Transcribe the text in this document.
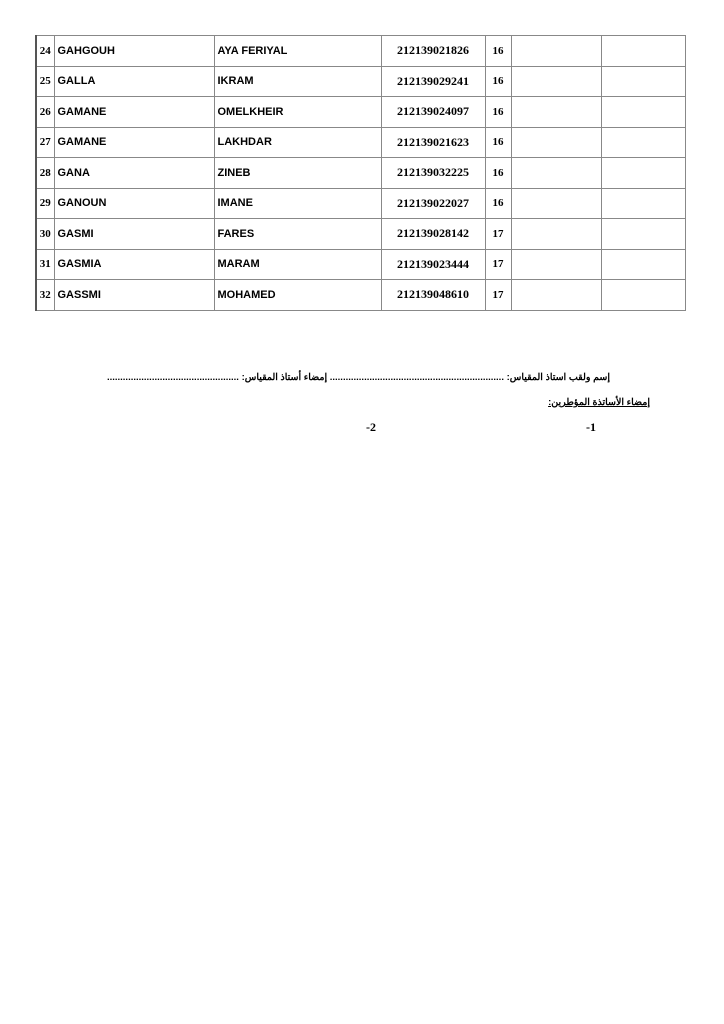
24	GAHGOUH	AYA FERIYAL	212139021826	16		
25	GALLA	IKRAM	212139029241	16		
26	GAMANE	OMELKHEIR	212139024097	16		
27	GAMANE	LAKHDAR	212139021623	16		
28	GANA	ZINEB	212139032225	16		
29	GANOUN	IMANE	212139022027	16		
30	GASMI	FARES	212139028142	17		
31	GASMIA	MARAM	212139023444	17		
32	GASSMI	MOHAMED	212139048610	17		
إسم ولقب استاذ المقياس: .................................................................. إمضاء أستاذ المقياس: ..................................................
إمضاء الأساتذة المؤطرين:
-1
-2
